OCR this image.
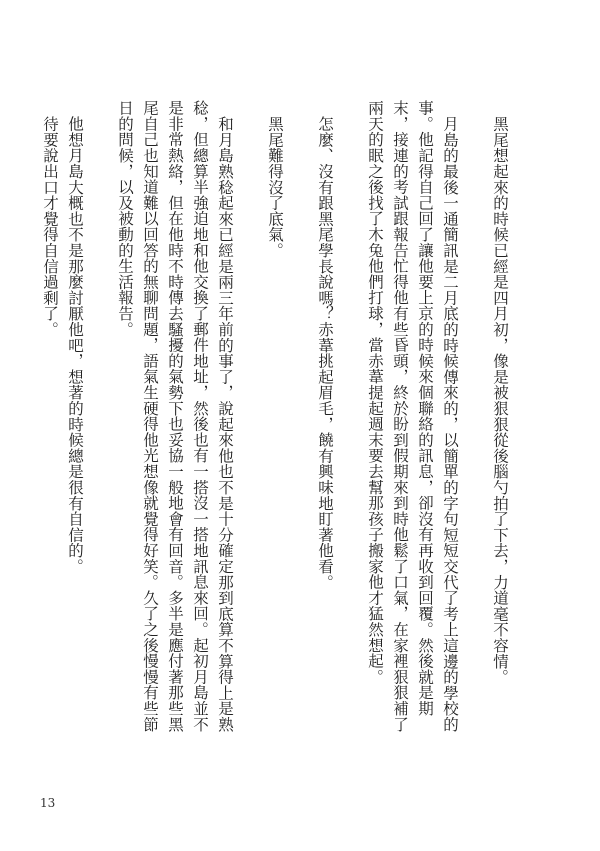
黑尾想起來的時候已經是四月初，像是被狠狠從後腦勺拍了下去，力道毫不容情。

月島的最後一通簡訊是二月底的時候傳來的，以簡單的字句短短交代了考上這邊的學校的事。他記得自己回了讓他要上京的時候來個聯絡的訊息，卻沒有再收到回覆。然後就是期末，接連的考試跟報告忙得他有些昏頭，終於盼到假期來到時他鬆了口氣，在家裡狠狠補了兩天的眠之後找了木兔他們打球，當赤葦提起週末要去幫那孩子搬家他才猛然想起。

怎麼、沒有跟黑尾學長說嗎？赤葦挑起眉毛，饒有興味地盯著他看。

黑尾難得沒了底氣。

和月島熟稔起來已經是兩三年前的事了，說起來他也不是十分確定那到底算不算得上是熟稔，但總算半強迫地和他交換了郵件地址，然後也有一搭沒一搭地訊息來回。起初月島並不是非常熱絡，但在他時不時傳去騷擾的氣勢下也妥協一般地會有回音。多半是應付著那些黑尾自己也知道難以回答的無聊問題，語氣生硬得他光想像就覺得好笑。久了之後慢慢有些節日的問候，以及被動的生活報告。

他想月島大概也不是那麼討厭他吧，想著的時候總是很有自信的。

待要說出口才覺得自信過剩了。

13
